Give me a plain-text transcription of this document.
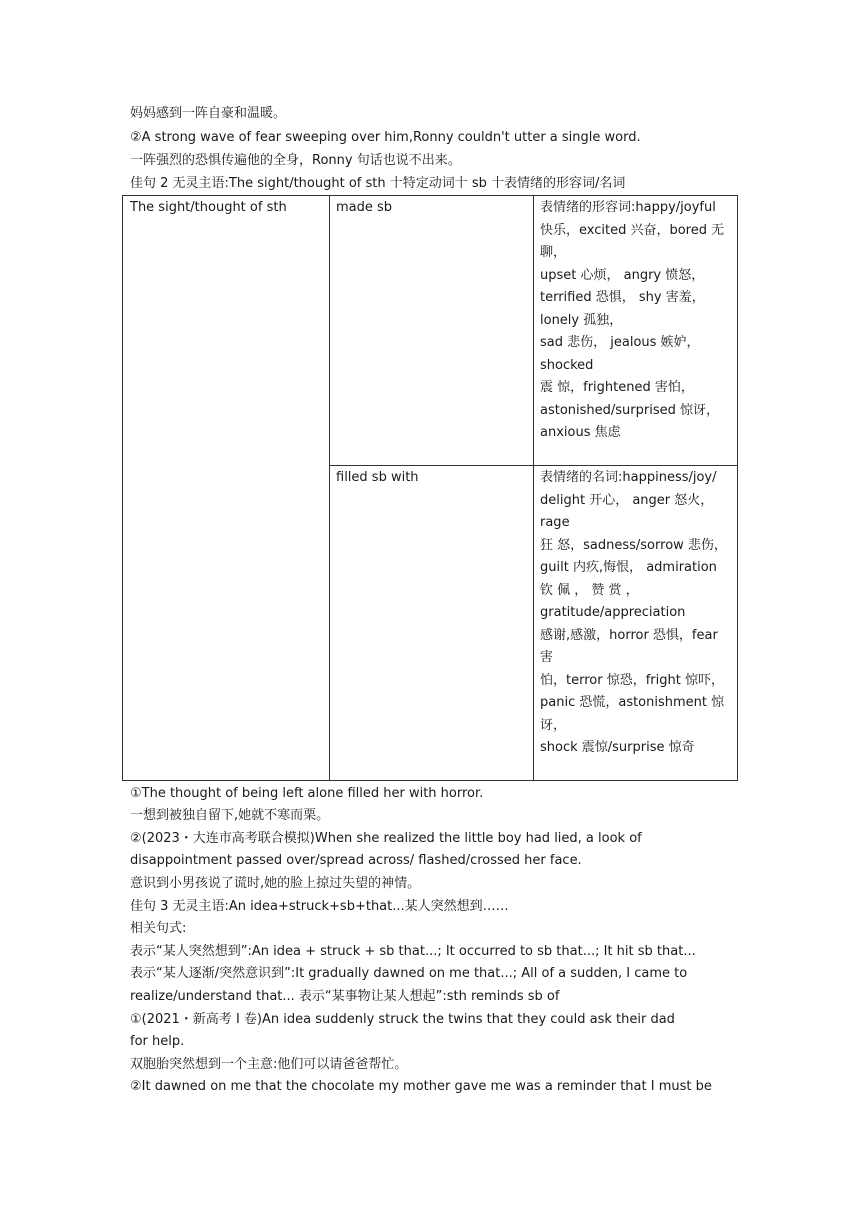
妈妈感到一阵自豪和温暖。
②A strong wave of fear sweeping over him,Ronny couldn't utter a single word.
一阵强烈的恐惧传遍他的全身，Ronny 句话也说不出来。
佳句 2 无灵主语:The sight/thought of sth 十特定动词十 sb 十表情绪的形容词/名词
The sight/thought of sth	made sb	表情绪的形容词:happy/joyful
快乐，excited 兴奋，bored 无
聊，
upset 心烦， angry 愤怒，
terrified 恐惧， shy 害羞，
lonely 孤独，
sad 悲伤， jealous 嫉妒，
shocked
震 惊，frightened 害怕，
astonished/surprised 惊讶，
anxious 焦虑
filled sb with	表情绪的名词:happiness/joy/
delight 开心， anger 怒火，
rage
狂 怒，sadness/sorrow 悲伤，
guilt 内疚,悔恨， admiration
钦 佩 ， 赞 赏 ，
gratitude/appreciation
感谢,感激，horror 恐惧，fear
害
怕，terror 惊恐，fright 惊吓，
panic 恐慌，astonishment 惊
讶，
shock 震惊/surprise 惊奇
①The thought of being left alone filled her with horror.
一想到被独自留下,她就不寒而栗。
②(2023・大连市高考联合模拟)When she realized the little boy had lied, a look of
disappointment passed over/spread across/ flashed/crossed her face.
意识到小男孩说了谎时,她的脸上掠过失望的神情。
佳句 3 无灵主语:An idea+struck+sb+that...某人突然想到……
相关句式:
表示“某人突然想到”:An idea + struck + sb that...; It occurred to sb that...; It hit sb that...
表示“某人逐渐/突然意识到”:It gradually dawned on me that...; All of a sudden, I came to
realize/understand that... 表示“某事物让某人想起”:sth reminds sb of
①(2021・新高考 I 卷)An idea suddenly struck the twins that they could ask their dad
for help.
双胞胎突然想到一个主意:他们可以请爸爸帮忙。
②It dawned on me that the chocolate my mother gave me was a reminder that I must be
